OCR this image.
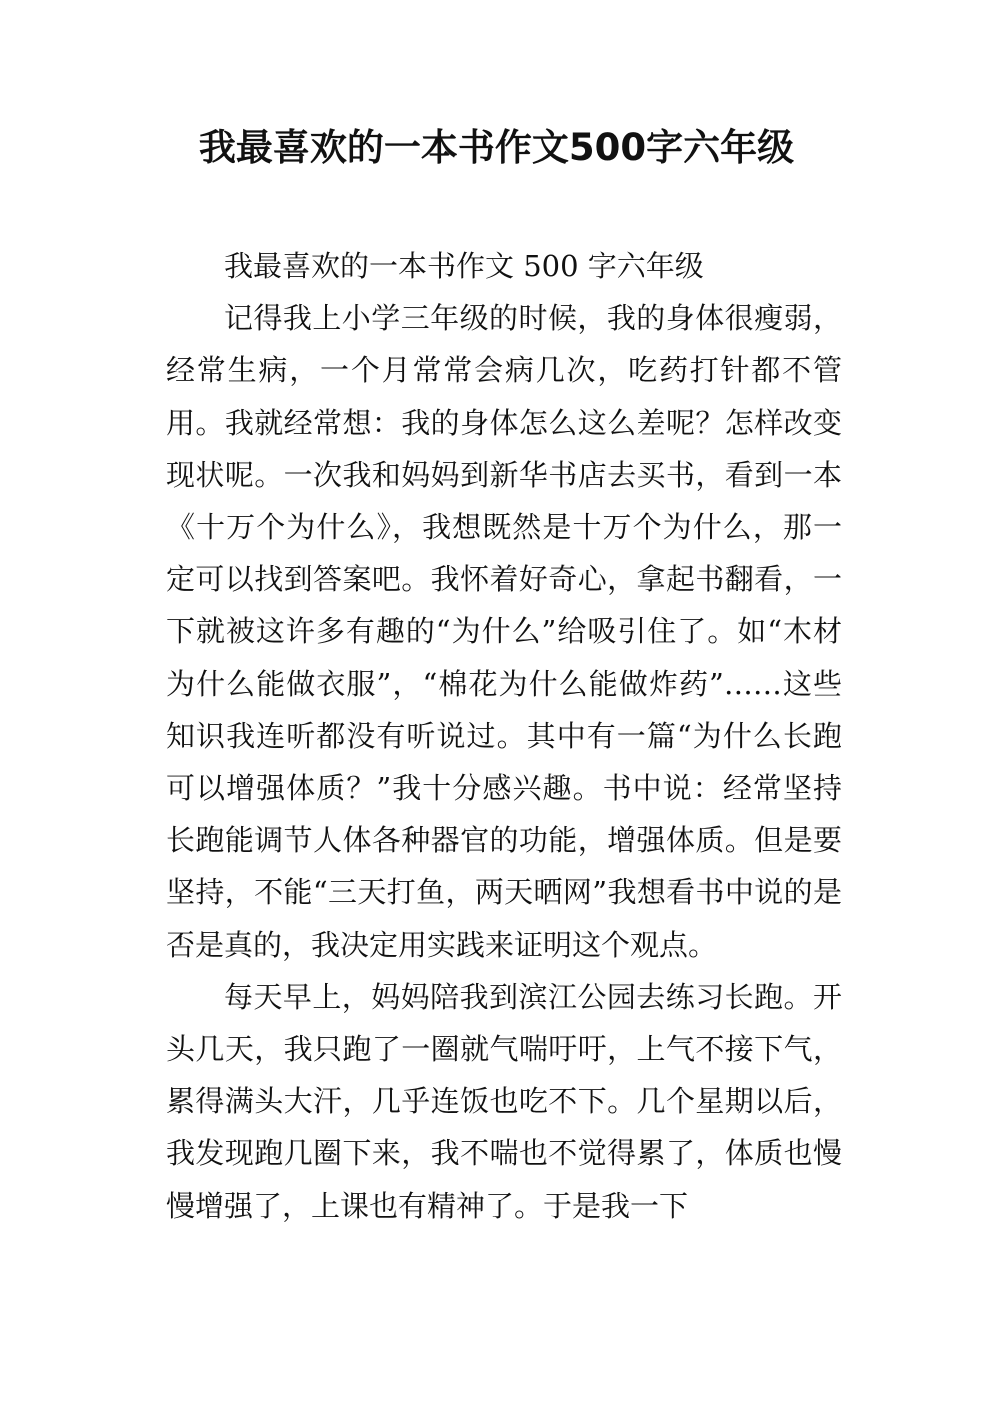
我最喜欢的一本书作文500字六年级

我最喜欢的一本书作文 500 字六年级

记得我上小学三年级的时候，我的身体很瘦弱，经常生病，一个月常常会病几次，吃药打针都不管用。我就经常想：我的身体怎么这么差呢？怎样改变现状呢。一次我和妈妈到新华书店去买书，看到一本《十万个为什么》，我想既然是十万个为什么，那一定可以找到答案吧。我怀着好奇心，拿起书翻看，一下就被这许多有趣的“为什么”给吸引住了。如“木材为什么能做衣服”，“棉花为什么能做炸药”……这些知识我连听都没有听说过。其中有一篇“为什么长跑可以增强体质？”我十分感兴趣。书中说：经常坚持长跑能调节人体各种器官的功能，增强体质。但是要坚持，不能“三天打鱼，两天晒网”我想看书中说的是否是真的，我决定用实践来证明这个观点。

每天早上，妈妈陪我到滨江公园去练习长跑。开头几天，我只跑了一圈就气喘吁吁，上气不接下气，累得满头大汗，几乎连饭也吃不下。几个星期以后，我发现跑几圈下来，我不喘也不觉得累了，体质也慢慢增强了，上课也有精神了。于是我一下
